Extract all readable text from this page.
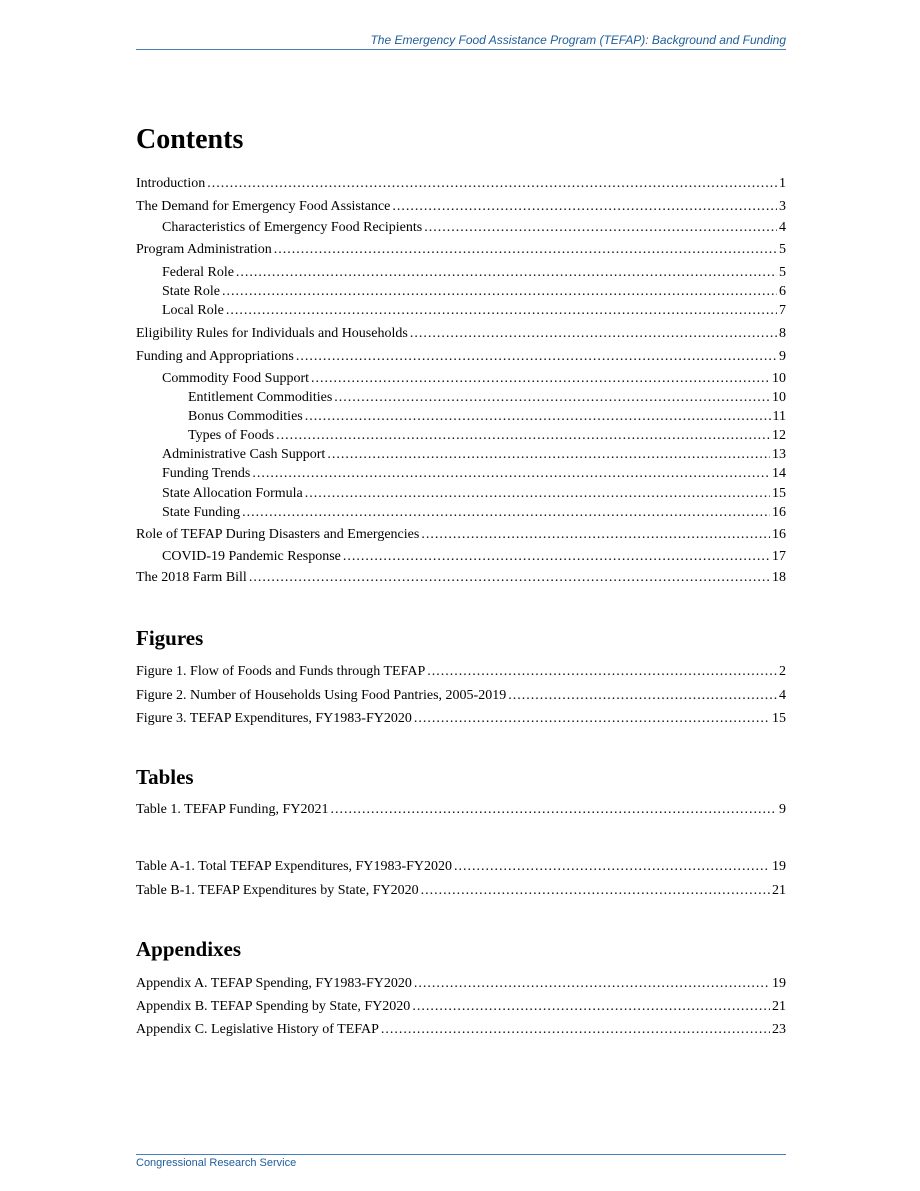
The Emergency Food Assistance Program (TEFAP): Background and Funding
Contents
Introduction .....	1
The Demand for Emergency Food Assistance .....	3
Characteristics of Emergency Food Recipients .....	4
Program Administration .....	5
Federal Role .....	5
State Role .....	6
Local Role .....	7
Eligibility Rules for Individuals and Households .....	8
Funding and Appropriations .....	9
Commodity Food Support .....	10
Entitlement Commodities .....	10
Bonus Commodities .....	11
Types of Foods .....	12
Administrative Cash Support .....	13
Funding Trends .....	14
State Allocation Formula .....	15
State Funding .....	16
Role of TEFAP During Disasters and Emergencies .....	16
COVID-19 Pandemic Response .....	17
The 2018 Farm Bill .....	18
Figures
Figure 1. Flow of Foods and Funds through TEFAP .....	2
Figure 2. Number of Households Using Food Pantries, 2005-2019 .....	4
Figure 3. TEFAP Expenditures, FY1983-FY2020 .....	15
Tables
Table 1. TEFAP Funding, FY2021 .....	9
Table A-1. Total TEFAP Expenditures, FY1983-FY2020 .....	19
Table B-1. TEFAP Expenditures by State, FY2020 .....	21
Appendixes
Appendix A. TEFAP Spending, FY1983-FY2020 .....	19
Appendix B. TEFAP Spending by State, FY2020 .....	21
Appendix C. Legislative History of TEFAP .....	23
Congressional Research Service
